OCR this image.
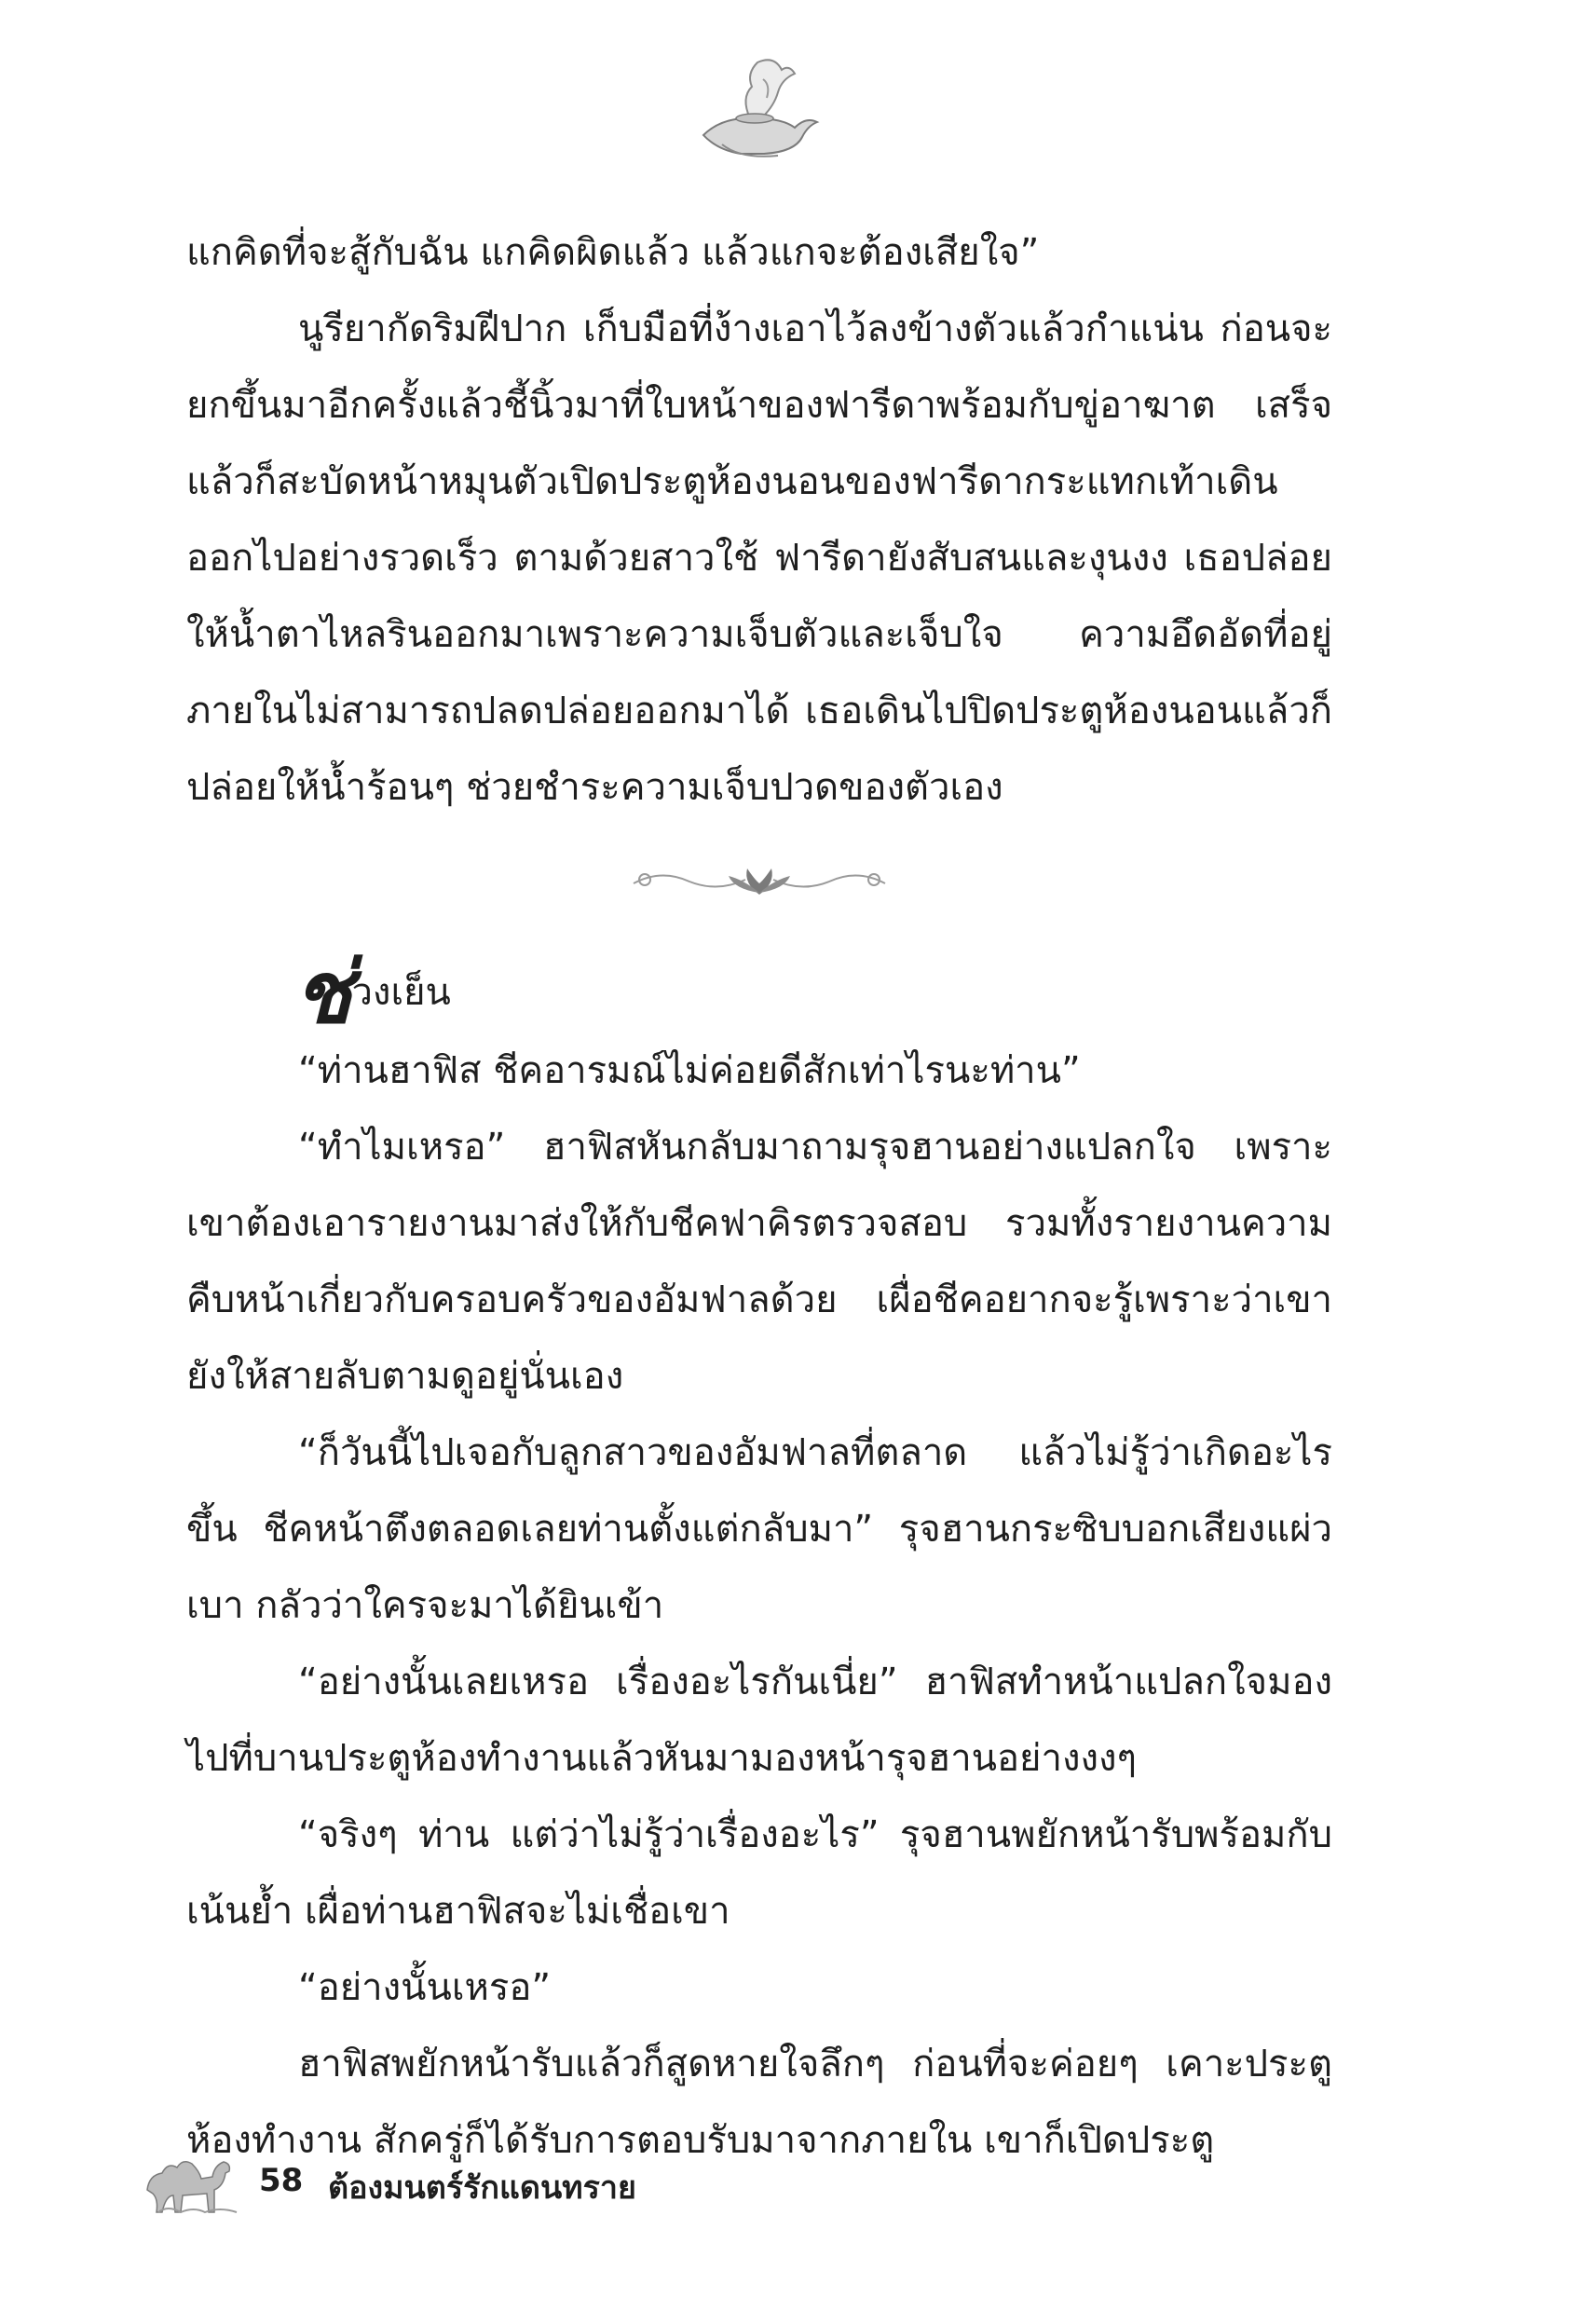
แกคิดที่จะสู้กับฉัน แกคิดผิดแล้ว แล้วแกจะต้องเสียใจ”

นูรียากัดริมฝีปาก เก็บมือที่ง้างเอาไว้ลงข้างตัวแล้วกำแน่น ก่อนจะยกขึ้นมาอีกครั้งแล้วชี้นิ้วมาที่ใบหน้าของฟารีดาพร้อมกับขู่อาฆาต เสร็จแล้วก็สะบัดหน้าหมุนตัวเปิดประตูห้องนอนของฟารีดากระแทกเท้าเดินออกไปอย่างรวดเร็ว ตามด้วยสาวใช้ ฟารีดายังสับสนและงุนงง เธอปล่อยให้น้ำตาไหลรินออกมาเพราะความเจ็บตัวและเจ็บใจ ความอึดอัดที่อยู่ภายในไม่สามารถปลดปล่อยออกมาได้ เธอเดินไปปิดประตูห้องนอนแล้วก็ปล่อยให้น้ำร้อนๆ ช่วยชำระความเจ็บปวดของตัวเอง

ช่วงเย็น

“ท่านฮาฟิส ชีคอารมณ์ไม่ค่อยดีสักเท่าไรนะท่าน”

“ทำไมเหรอ” ฮาฟิสหันกลับมาถามรุจฮานอย่างแปลกใจ เพราะเขาต้องเอารายงานมาส่งให้กับชีคฟาคิรตรวจสอบ รวมทั้งรายงานความคืบหน้าเกี่ยวกับครอบครัวของอัมฟาลด้วย เผื่อชีคอยากจะรู้เพราะว่าเขายังให้สายลับตามดูอยู่นั่นเอง

“ก็วันนี้ไปเจอกับลูกสาวของอัมฟาลที่ตลาด แล้วไม่รู้ว่าเกิดอะไรขึ้น ชีคหน้าตึงตลอดเลยท่านตั้งแต่กลับมา” รุจฮานกระซิบบอกเสียงแผ่วเบา กลัวว่าใครจะมาได้ยินเข้า

“อย่างนั้นเลยเหรอ เรื่องอะไรกันเนี่ย” ฮาฟิสทำหน้าแปลกใจมองไปที่บานประตูห้องทำงานแล้วหันมามองหน้ารุจฮานอย่างงงๆ

“จริงๆ ท่าน แต่ว่าไม่รู้ว่าเรื่องอะไร” รุจฮานพยักหน้ารับพร้อมกับเน้นย้ำ เผื่อท่านฮาฟิสจะไม่เชื่อเขา

“อย่างนั้นเหรอ”

ฮาฟิสพยักหน้ารับแล้วก็สูดหายใจลึกๆ ก่อนที่จะค่อยๆ เคาะประตูห้องทำงาน สักครู่ก็ได้รับการตอบรับมาจากภายใน เขาก็เปิดประตู

58 ต้องมนตร์รักแดนทราย
